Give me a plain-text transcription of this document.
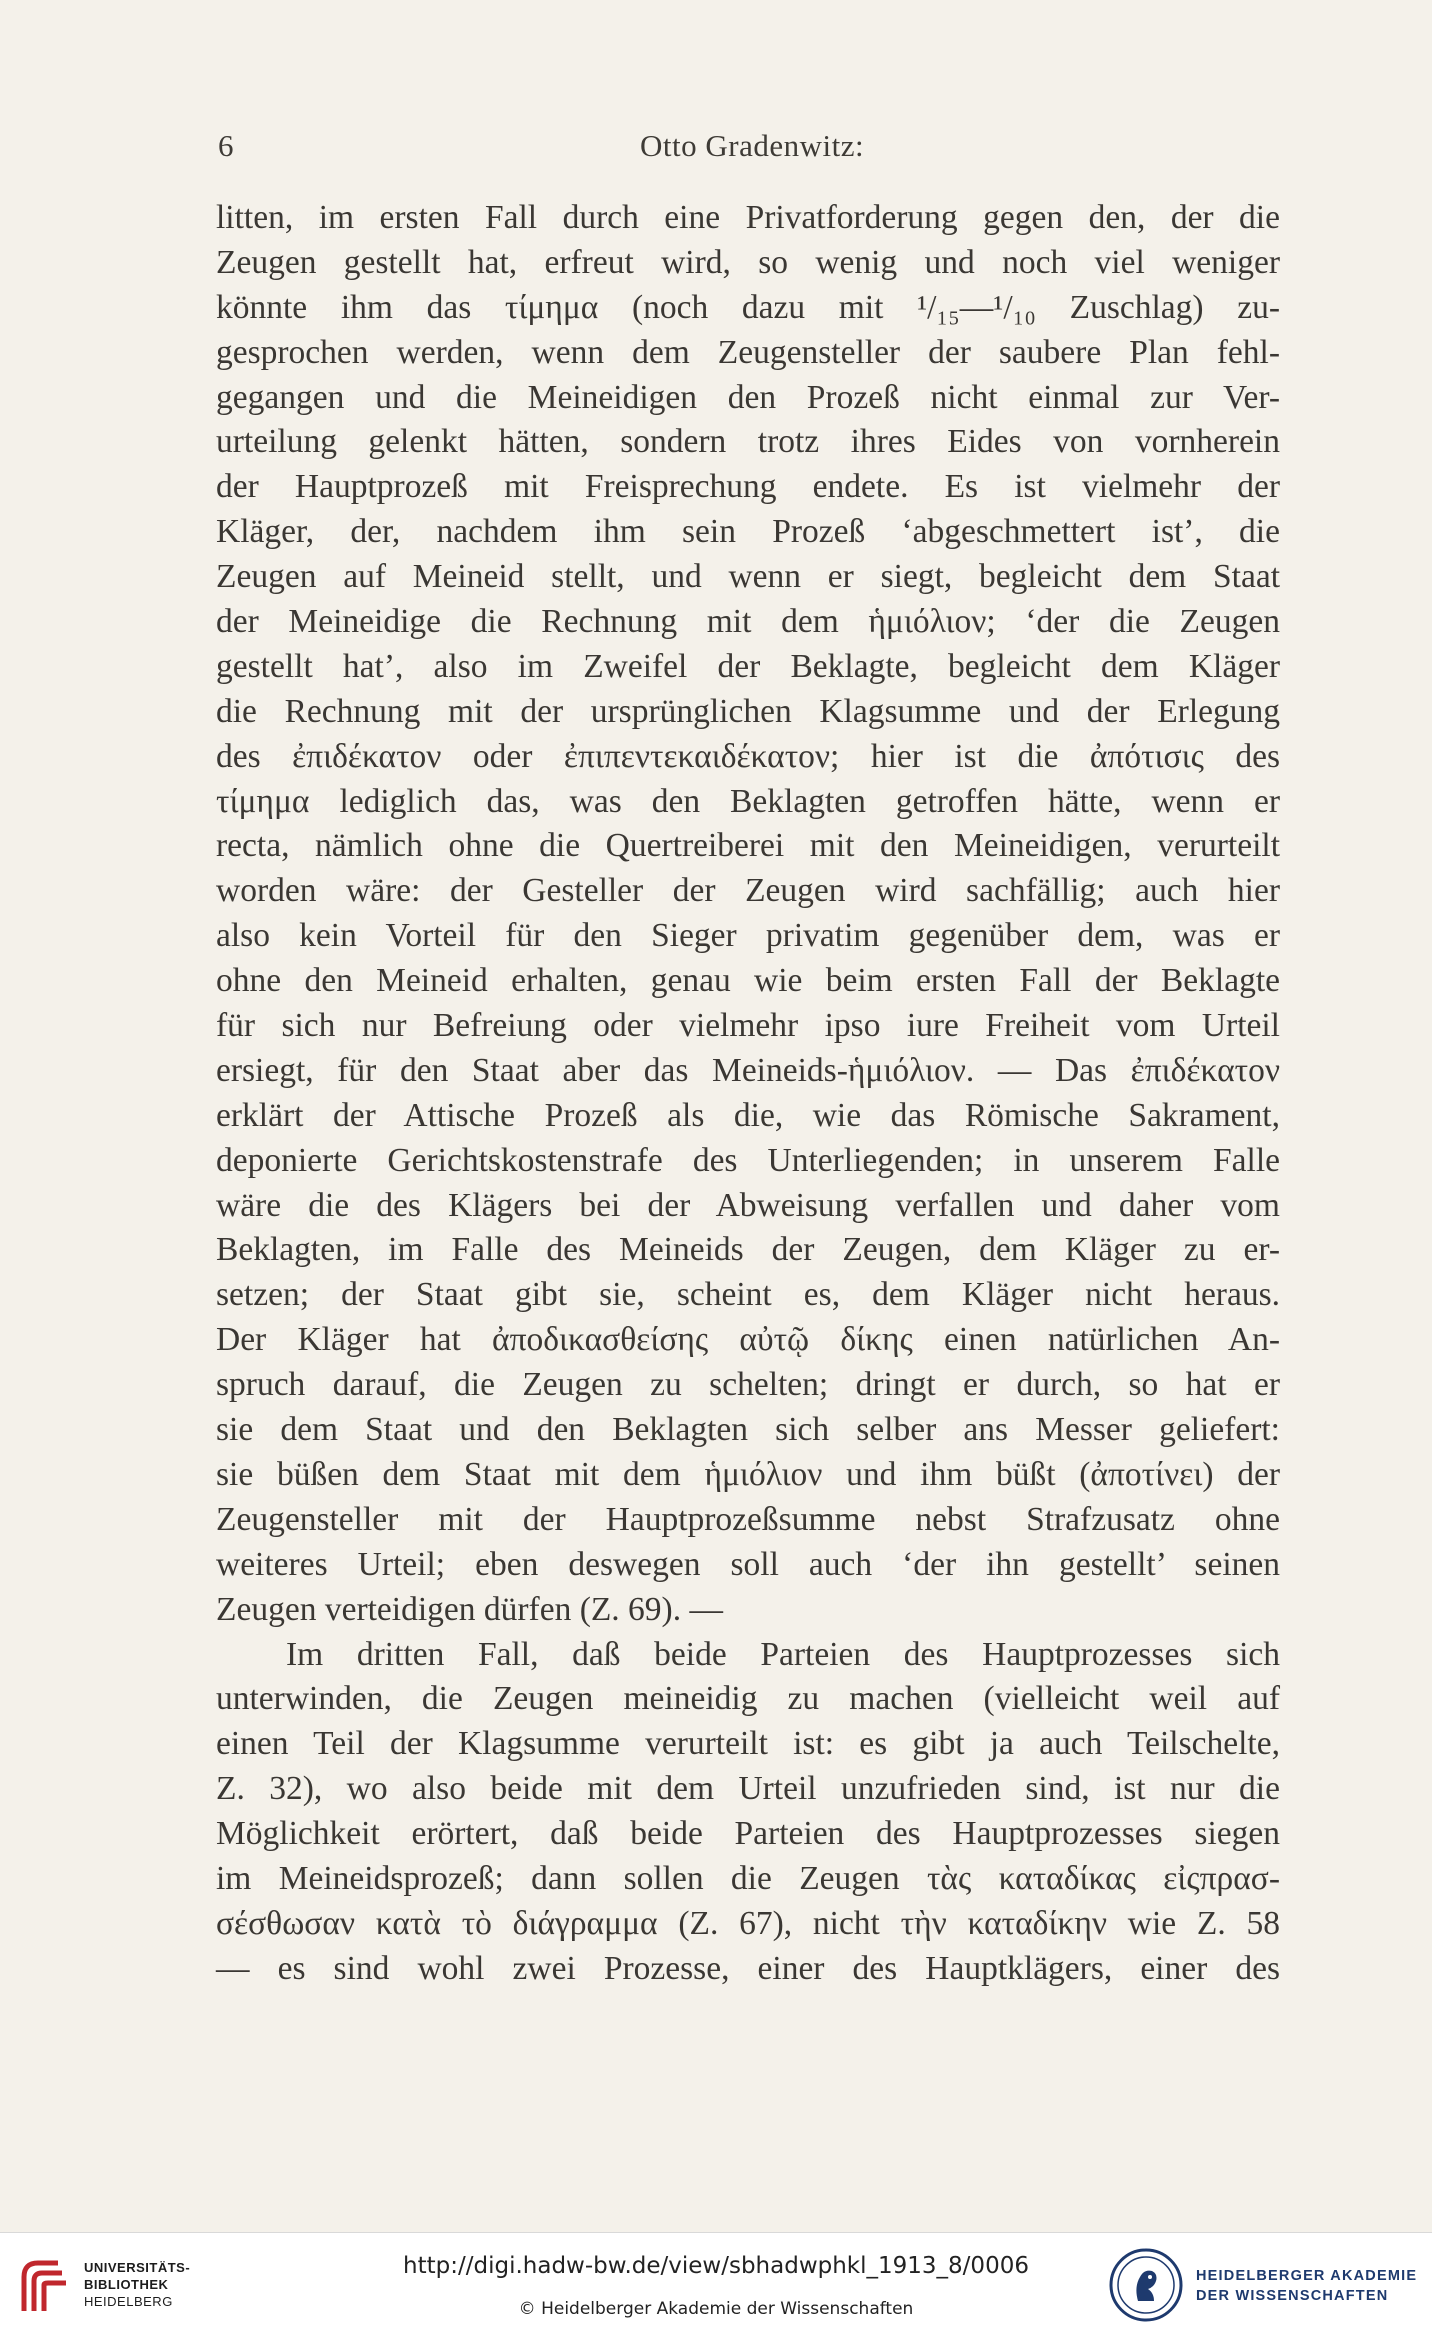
6	Otto Gradenwitz:
litten, im ersten Fall durch eine Privatforderung gegen den, der die
Zeugen gestellt hat, erfreut wird, so wenig und noch viel weniger
könnte ihm das τίμημα (noch dazu mit ¹/₁₅—¹/₁₀ Zuschlag) zu-
gesprochen werden, wenn dem Zeugensteller der saubere Plan fehl-
gegangen und die Meineidigen den Prozeß nicht einmal zur Ver-
urteilung gelenkt hätten, sondern trotz ihres Eides von vornherein
der Hauptprozeß mit Freisprechung endete. Es ist vielmehr der
Kläger, der, nachdem ihm sein Prozeß ‘abgeschmettert ist’, die
Zeugen auf Meineid stellt, und wenn er siegt, begleicht dem Staat
der Meineidige die Rechnung mit dem ἡμιόλιον; ‘der die Zeugen
gestellt hat’, also im Zweifel der Beklagte, begleicht dem Kläger
die Rechnung mit der ursprünglichen Klagsumme und der Erlegung
des ἐπιδέκατον oder ἐπιπεντεκαιδέκατον; hier ist die ἀπότισις des
τίμημα lediglich das, was den Beklagten getroffen hätte, wenn er
recta, nämlich ohne die Quertreiberei mit den Meineidigen, verurteilt
worden wäre: der Gesteller der Zeugen wird sachfällig; auch hier
also kein Vorteil für den Sieger privatim gegenüber dem, was er
ohne den Meineid erhalten, genau wie beim ersten Fall der Beklagte
für sich nur Befreiung oder vielmehr ipso iure Freiheit vom Urteil
ersiegt, für den Staat aber das Meineids-ἡμιόλιον. — Das ἐπιδέκατον
erklärt der Attische Prozeß als die, wie das Römische Sakrament,
deponierte Gerichtskostenstrafe des Unterliegenden; in unserem Falle
wäre die des Klägers bei der Abweisung verfallen und daher vom
Beklagten, im Falle des Meineids der Zeugen, dem Kläger zu er-
setzen; der Staat gibt sie, scheint es, dem Kläger nicht heraus.
Der Kläger hat ἀποδικασθείσης αὐτῷ δίκης einen natürlichen An-
spruch darauf, die Zeugen zu schelten; dringt er durch, so hat er
sie dem Staat und den Beklagten sich selber ans Messer geliefert:
sie büßen dem Staat mit dem ἡμιόλιον und ihm büßt (ἀποτίνει) der
Zeugensteller mit der Hauptprozeßsumme nebst Strafzusatz ohne
weiteres Urteil; eben deswegen soll auch ‘der ihn gestellt’ seinen
Zeugen verteidigen dürfen (Z. 69). —
Im dritten Fall, daß beide Parteien des Hauptprozesses sich
unterwinden, die Zeugen meineidig zu machen (vielleicht weil auf
einen Teil der Klagsumme verurteilt ist: es gibt ja auch Teilschelte,
Z. 32), wo also beide mit dem Urteil unzufrieden sind, ist nur die
Möglichkeit erörtert, daß beide Parteien des Hauptprozesses siegen
im Meineidsprozeß; dann sollen die Zeugen τὰς καταδίκας εἰςπρασ-
σέσθωσαν κατὰ τὸ διάγραμμα (Z. 67), nicht τὴν καταδίκην wie Z. 58
— es sind wohl zwei Prozesse, einer des Hauptklägers, einer des
UNIVERSITÄTS-
BIBLIOTHEK
HEIDELBERG
http://digi.hadw-bw.de/view/sbhadwphkl_1913_8/0006
© Heidelberger Akademie der Wissenschaften
HEIDELBERGER AKADEMIE
DER WISSENSCHAFTEN
